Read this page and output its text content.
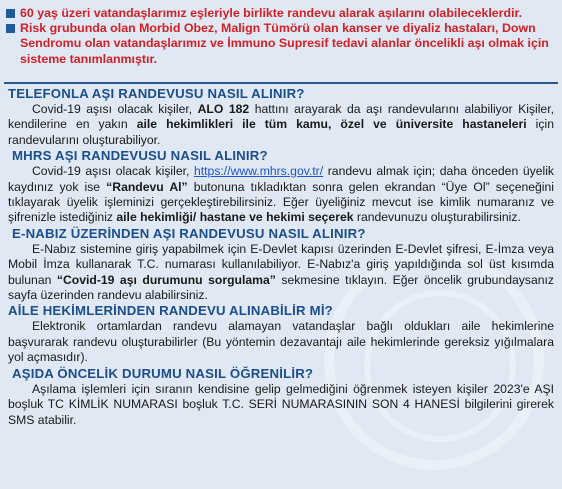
60 yaş üzeri vatandaşlarımız eşleriyle birlikte randevu alarak aşılarını olabileceklerdir.
Risk grubunda olan Morbid Obez, Malign Tümörü olan kanser ve diyaliz hastaları, Down Sendromu olan vatandaşlarımız ve İmmuno Supresif tedavi alanlar öncelikli aşı olmak için sisteme tanımlanmıştır.
TELEFONLA AŞI RANDEVUSU NASIL ALINIR?

Covid-19 aşısı olacak kişiler, ALO 182 hattını arayarak da aşı randevularını alabiliyor Kişiler, kendilerine en yakın aile hekimlikleri ile tüm kamu, özel ve üniversite hastaneleri için randevularını oluşturabiliyor.

MHRS AŞI RANDEVUSU NASIL ALINIR?

Covid-19 aşısı olacak kişiler, https://www.mhrs.gov.tr/ randevu almak için; daha önceden üyelik kaydınız yok ise “Randevu Al” butonuna tıkladıktan sonra gelen ekrandan “Üye Ol” seçeneğini tıklayarak üyelik işleminizi gerçekleştirebilirsiniz. Eğer üyeliğiniz mevcut ise kimlik numaranız ve şifrenizle istediğiniz aile hekimliği/ hastane ve hekimi seçerek randevunuzu oluşturabilirsiniz.

E-NABIZ ÜZERİNDEN AŞI RANDEVUSU NASIL ALINIR?

E-Nabız sistemine giriş yapabilmek için E-Devlet kapısı üzerinden E-Devlet şifresi, E-İmza veya Mobil İmza kullanarak T.C. numarası kullanılabiliyor. E-Nabız'a giriş yapıldığında sol üst kısımda bulunan “Covid-19 aşı durumunu sorgulama” sekmesine tıklayın. Eğer öncelik grubundaysanız sayfa üzerinden randevu alabilirsiniz.

AİLE HEKİMLERİNDEN RANDEVU ALINABİLİR Mİ?

Elektronik ortamlardan randevu alamayan vatandaşlar bağlı oldukları aile hekimlerine başvurarak randevu oluşturabilirler (Bu yöntemin dezavantajı aile hekimlerinde gereksiz yığılmalara yol açmasıdır).

AŞIDA ÖNCELİK DURUMU NASIL ÖĞRENİLİR?

Aşılama işlemleri için sıranın kendisine gelip gelmediğini öğrenmek isteyen kişiler 2023'e AŞI boşluk TC KİMLİK NUMARASI boşluk T.C. SERİ NUMARASININ SON 4 HANESİ bilgilerini girerek SMS atabilir.
